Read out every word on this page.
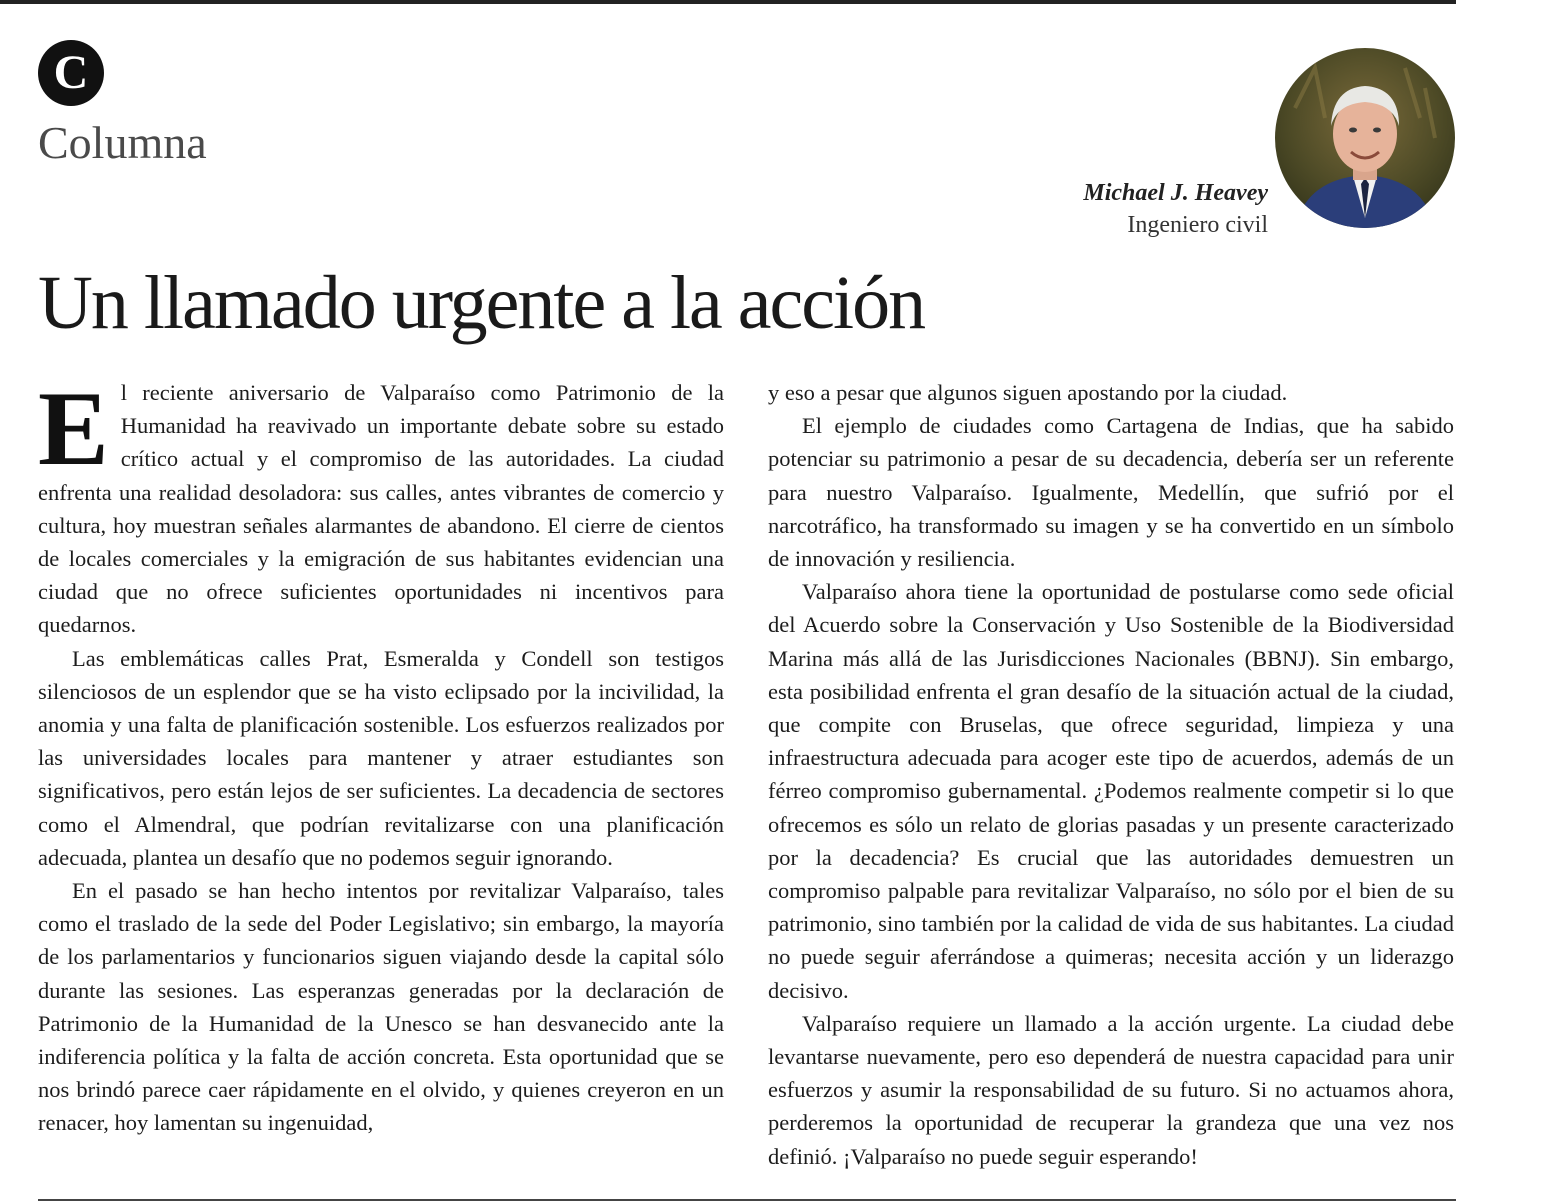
C
Columna
Michael J. Heavey
Ingeniero civil
Un llamado urgente a la acción

El reciente aniversario de Valparaíso como Patrimonio de la Humanidad ha reavivado un importante debate sobre su estado crítico actual y el compromiso de las autoridades. La ciudad enfrenta una realidad desoladora: sus calles, antes vibrantes de comercio y cultura, hoy muestran señales alarmantes de abandono. El cierre de cientos de locales comerciales y la emigración de sus habitantes evidencian una ciudad que no ofrece suficientes oportunidades ni incentivos para quedarnos.

Las emblemáticas calles Prat, Esmeralda y Condell son testigos silenciosos de un esplendor que se ha visto eclipsado por la incivilidad, la anomia y una falta de planificación sostenible. Los esfuerzos realizados por las universidades locales para mantener y atraer estudiantes son significativos, pero están lejos de ser suficientes. La decadencia de sectores como el Almendral, que podrían revitalizarse con una planificación adecuada, plantea un desafío que no podemos seguir ignorando.

En el pasado se han hecho intentos por revitalizar Valparaíso, tales como el traslado de la sede del Poder Legislativo; sin embargo, la mayoría de los parlamentarios y funcionarios siguen viajando desde la capital sólo durante las sesiones. Las esperanzas generadas por la declaración de Patrimonio de la Humanidad de la Unesco se han desvanecido ante la indiferencia política y la falta de acción concreta. Esta oportunidad que se nos brindó parece caer rápidamente en el olvido, y quienes creyeron en un renacer, hoy lamentan su ingenuidad,

y eso a pesar que algunos siguen apostando por la ciudad.

El ejemplo de ciudades como Cartagena de Indias, que ha sabido potenciar su patrimonio a pesar de su decadencia, debería ser un referente para nuestro Valparaíso. Igualmente, Medellín, que sufrió por el narcotráfico, ha transformado su imagen y se ha convertido en un símbolo de innovación y resiliencia.

Valparaíso ahora tiene la oportunidad de postularse como sede oficial del Acuerdo sobre la Conservación y Uso Sostenible de la Biodiversidad Marina más allá de las Jurisdicciones Nacionales (BBNJ). Sin embargo, esta posibilidad enfrenta el gran desafío de la situación actual de la ciudad, que compite con Bruselas, que ofrece seguridad, limpieza y una infraestructura adecuada para acoger este tipo de acuerdos, además de un férreo compromiso gubernamental. ¿Podemos realmente competir si lo que ofrecemos es sólo un relato de glorias pasadas y un presente caracterizado por la decadencia? Es crucial que las autoridades demuestren un compromiso palpable para revitalizar Valparaíso, no sólo por el bien de su patrimonio, sino también por la calidad de vida de sus habitantes. La ciudad no puede seguir aferrándose a quimeras; necesita acción y un liderazgo decisivo.

Valparaíso requiere un llamado a la acción urgente. La ciudad debe levantarse nuevamente, pero eso dependerá de nuestra capacidad para unir esfuerzos y asumir la responsabilidad de su futuro. Si no actuamos ahora, perderemos la oportunidad de recuperar la grandeza que una vez nos definió. ¡Valparaíso no puede seguir esperando!
